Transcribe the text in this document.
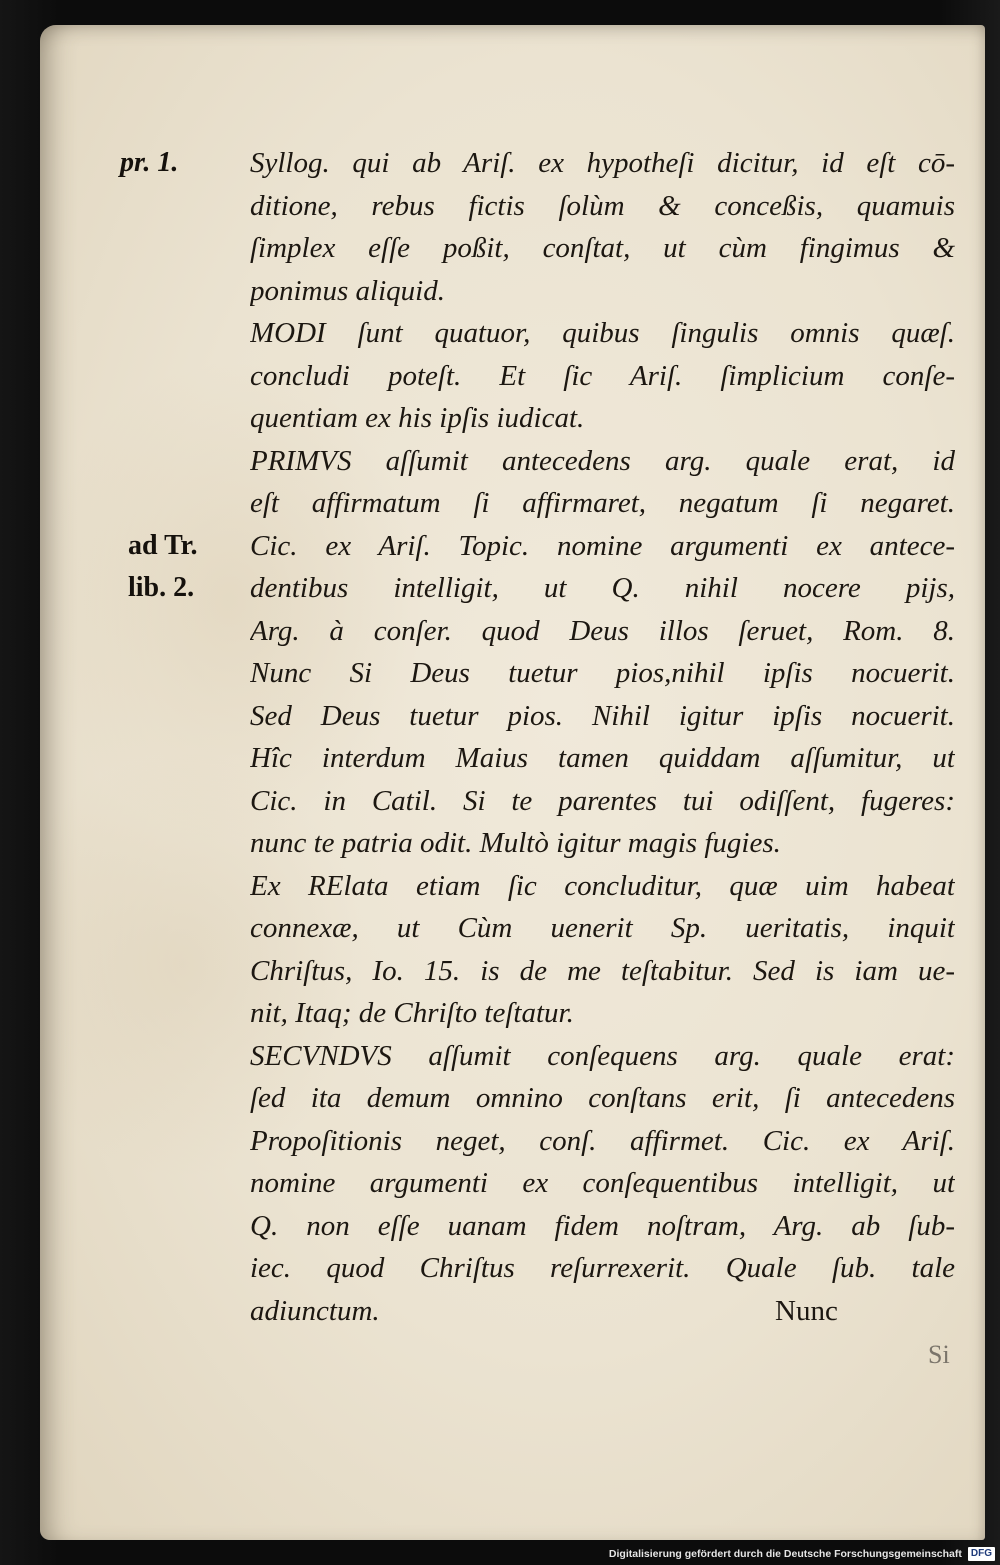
pr. 1.
ad Tr.
lib. 2.
Syllog. qui ab Ariſ. ex hypotheſi dicitur, id eſt cō-
ditione, rebus fictis ſolùm & conceßis, quamuis
ſimplex eſſe poßit, conſtat, ut cùm fingimus &
ponimus aliquid.
MODI ſunt quatuor, quibus ſingulis omnis quæſ.
concludi poteſt. Et ſic Ariſ. ſimplicium conſe-
quentiam ex his ipſis iudicat.
PRIMVS aſſumit antecedens arg. quale erat, id
eſt affirmatum ſi affirmaret, negatum ſi negaret.
Cic. ex Ariſ. Topic. nomine argumenti ex antece-
dentibus intelligit, ut Q. nihil nocere pijs,
Arg. à conſer. quod Deus illos ſeruet, Rom. 8.
Nunc Si Deus tuetur pios,nihil ipſis nocuerit.
Sed Deus tuetur pios. Nihil igitur ipſis nocuerit.
Hîc interdum Maius tamen quiddam aſſumitur, ut
Cic. in Catil. Si te parentes tui odiſſent, fugeres:
nunc te patria odit. Multò igitur magis fugies.
Ex RElata etiam ſic concluditur, quæ uim habeat
connexæ, ut Cùm uenerit Sp. ueritatis, inquit
Chriſtus, Io. 15. is de me teſtabitur. Sed is iam ue-
nit, Itaq; de Chriſto teſtatur.
SECVNDVS aſſumit conſequens arg. quale erat:
ſed ita demum omnino conſtans erit, ſi antecedens
Propoſitionis neget, conſ. affirmet. Cic. ex Ariſ.
nomine argumenti ex conſequentibus intelligit, ut
Q. non eſſe uanam fidem noſtram, Arg. ab ſub-
iec. quod Chriſtus reſurrexerit. Quale ſub. tale
adiunctum.	Nunc
Si
Digitalisierung gefördert durch die Deutsche Forschungsgemeinschaft DFG
